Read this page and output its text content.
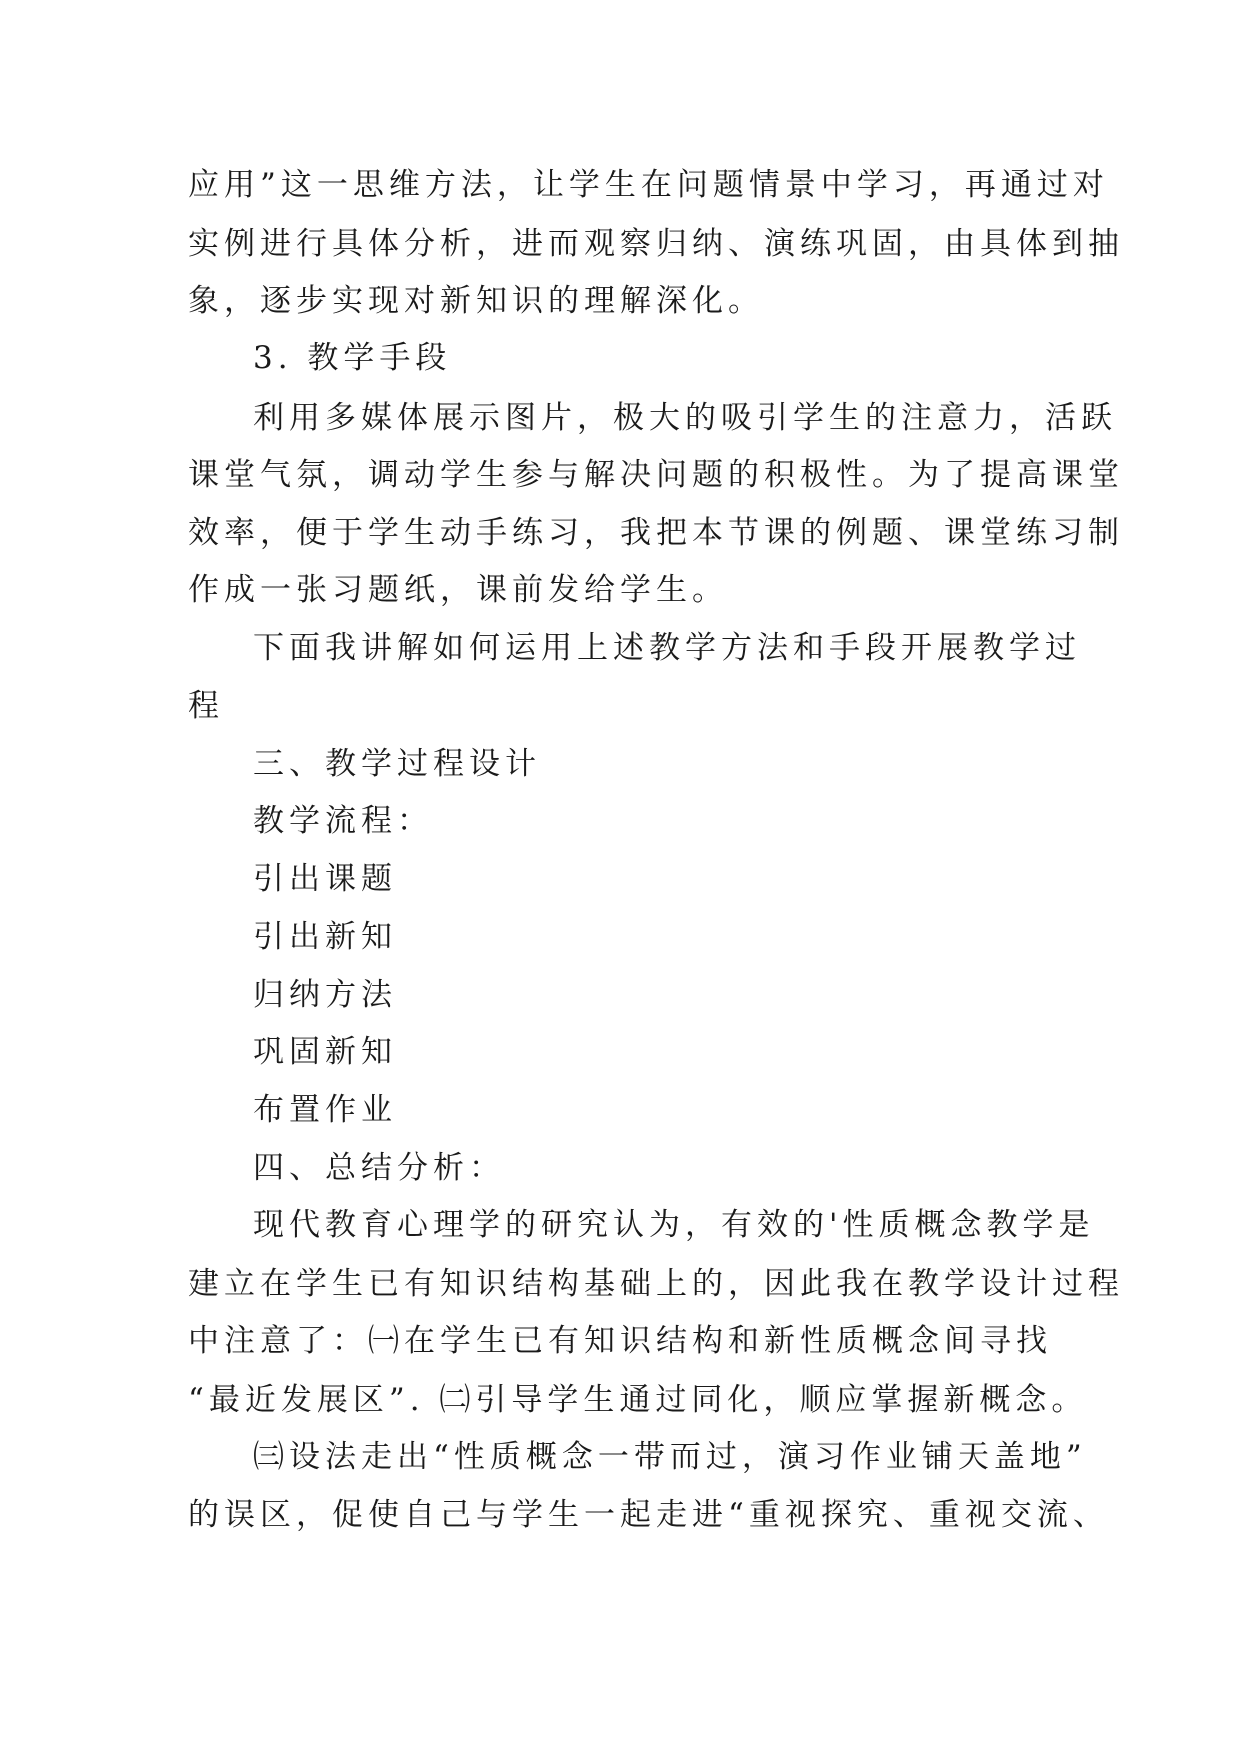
应用”这一思维方法，让学生在问题情景中学习，再通过对
实例进行具体分析，进而观察归纳、演练巩固，由具体到抽
象，逐步实现对新知识的理解深化。
3. 教学手段
利用多媒体展示图片，极大的吸引学生的注意力，活跃
课堂气氛，调动学生参与解决问题的积极性。为了提高课堂
效率，便于学生动手练习，我把本节课的例题、课堂练习制
作成一张习题纸，课前发给学生。
下面我讲解如何运用上述教学方法和手段开展教学过
程
三、教学过程设计
教学流程：
引出课题
引出新知
归纳方法
巩固新知
布置作业
四、总结分析：
现代教育心理学的研究认为，有效的'性质概念教学是
建立在学生已有知识结构基础上的，因此我在教学设计过程
中注意了：㈠在学生已有知识结构和新性质概念间寻找
“最近发展区”. ㈡引导学生通过同化，顺应掌握新概念。
㈢设法走出“性质概念一带而过，演习作业铺天盖地”
的误区，促使自己与学生一起走进“重视探究、重视交流、
